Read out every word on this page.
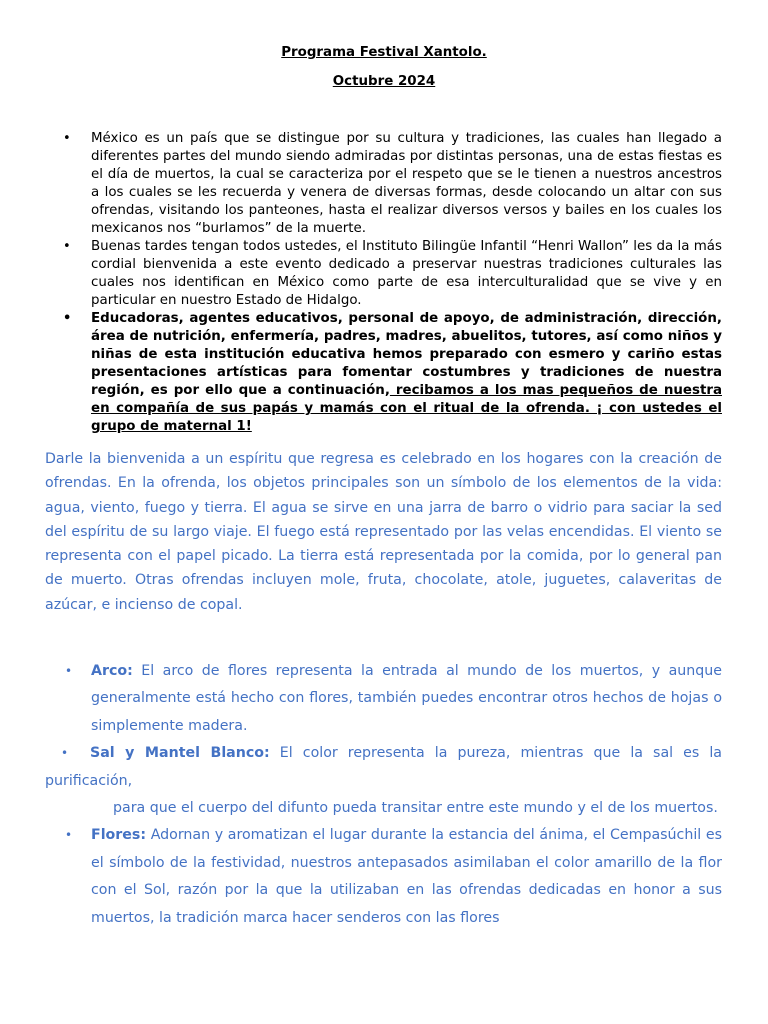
Programa Festival Xantolo.
Octubre 2024
• México es un país que se distingue por su cultura y tradiciones, las cuales han llegado a diferentes partes del mundo siendo admiradas por distintas personas, una de estas fiestas es el día de muertos, la cual se caracteriza por el respeto que se le tienen a nuestros ancestros a los cuales se les recuerda y venera de diversas formas, desde colocando un altar con sus ofrendas, visitando los panteones, hasta el realizar diversos versos y bailes en los cuales los mexicanos nos “burlamos” de la muerte.
• Buenas tardes tengan todos ustedes, el Instituto Bilingüe Infantil “Henri Wallon” les da la más cordial bienvenida a este evento dedicado a preservar nuestras tradiciones culturales las cuales nos identifican en México como parte de esa interculturalidad que se vive y en particular en nuestro Estado de Hidalgo.
• Educadoras, agentes educativos, personal de apoyo, de administración, dirección, área de nutrición, enfermería, padres, madres, abuelitos, tutores, así como niños y niñas de esta institución educativa hemos preparado con esmero y cariño estas presentaciones artísticas para fomentar costumbres y tradiciones de nuestra región, es por ello que a continuación, recibamos a los mas pequeños de nuestra en compañía de sus papás y mamás con el ritual de la ofrenda. ¡ con ustedes el grupo de maternal 1!
Darle la bienvenida a un espíritu que regresa es celebrado en los hogares con la creación de ofrendas. En la ofrenda, los objetos principales son un símbolo de los elementos de la vida: agua, viento, fuego y tierra. El agua se sirve en una jarra de barro o vidrio para saciar la sed del espíritu de su largo viaje. El fuego está representado por las velas encendidas. El viento se representa con el papel picado. La tierra está representada por la comida, por lo general pan de muerto. Otras ofrendas incluyen mole, fruta, chocolate, atole, juguetes, calaveritas de azúcar, e incienso de copal.
• Arco: El arco de flores representa la entrada al mundo de los muertos, y aunque generalmente está hecho con flores, también puedes encontrar otros hechos de hojas o simplemente madera.
• Sal y Mantel Blanco: El color representa la pureza, mientras que la sal es la purificación,
para que el cuerpo del difunto pueda transitar entre este mundo y el de los muertos.
• Flores: Adornan y aromatizan el lugar durante la estancia del ánima, el Cempasúchil es el símbolo de la festividad, nuestros antepasados asimilaban el color amarillo de la flor con el Sol, razón por la que la utilizaban en las ofrendas dedicadas en honor a sus muertos, la tradición marca hacer senderos con las flores
